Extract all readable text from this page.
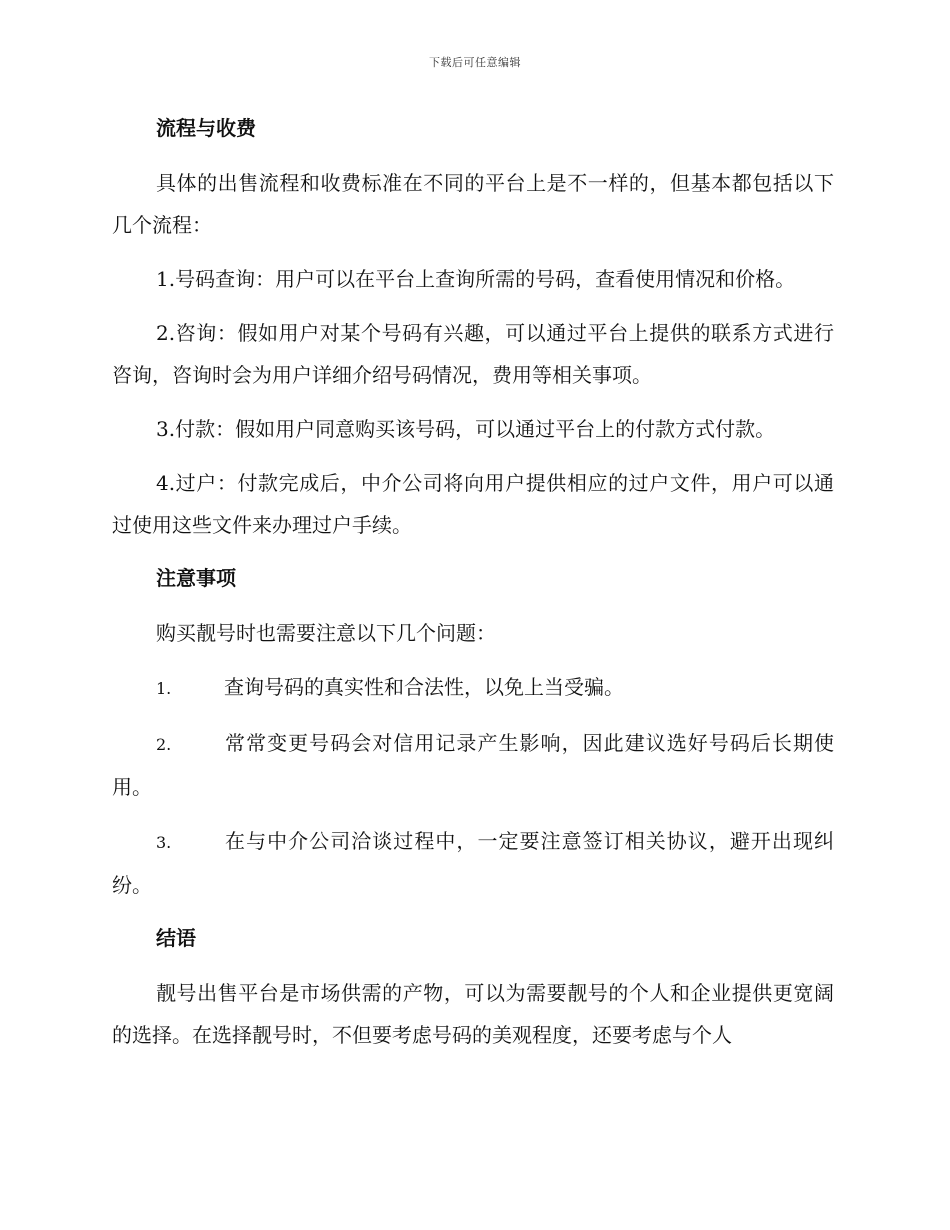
下载后可任意编辑
流程与收费

具体的出售流程和收费标准在不同的平台上是不一样的，但基本都包括以下几个流程：

1.号码查询：用户可以在平台上查询所需的号码，查看使用情况和价格。

2.咨询：假如用户对某个号码有兴趣，可以通过平台上提供的联系方式进行咨询，咨询时会为用户详细介绍号码情况，费用等相关事项。

3.付款：假如用户同意购买该号码，可以通过平台上的付款方式付款。

4.过户：付款完成后，中介公司将向用户提供相应的过户文件，用户可以通过使用这些文件来办理过户手续。

注意事项

购买靓号时也需要注意以下几个问题：

1.	查询号码的真实性和合法性，以免上当受骗。

2.	常常变更号码会对信用记录产生影响，因此建议选好号码后长期使用。

3.	在与中介公司洽谈过程中，一定要注意签订相关协议，避开出现纠纷。

结语

靓号出售平台是市场供需的产物，可以为需要靓号的个人和企业提供更宽阔的选择。在选择靓号时，不但要考虑号码的美观程度，还要考虑与个人
